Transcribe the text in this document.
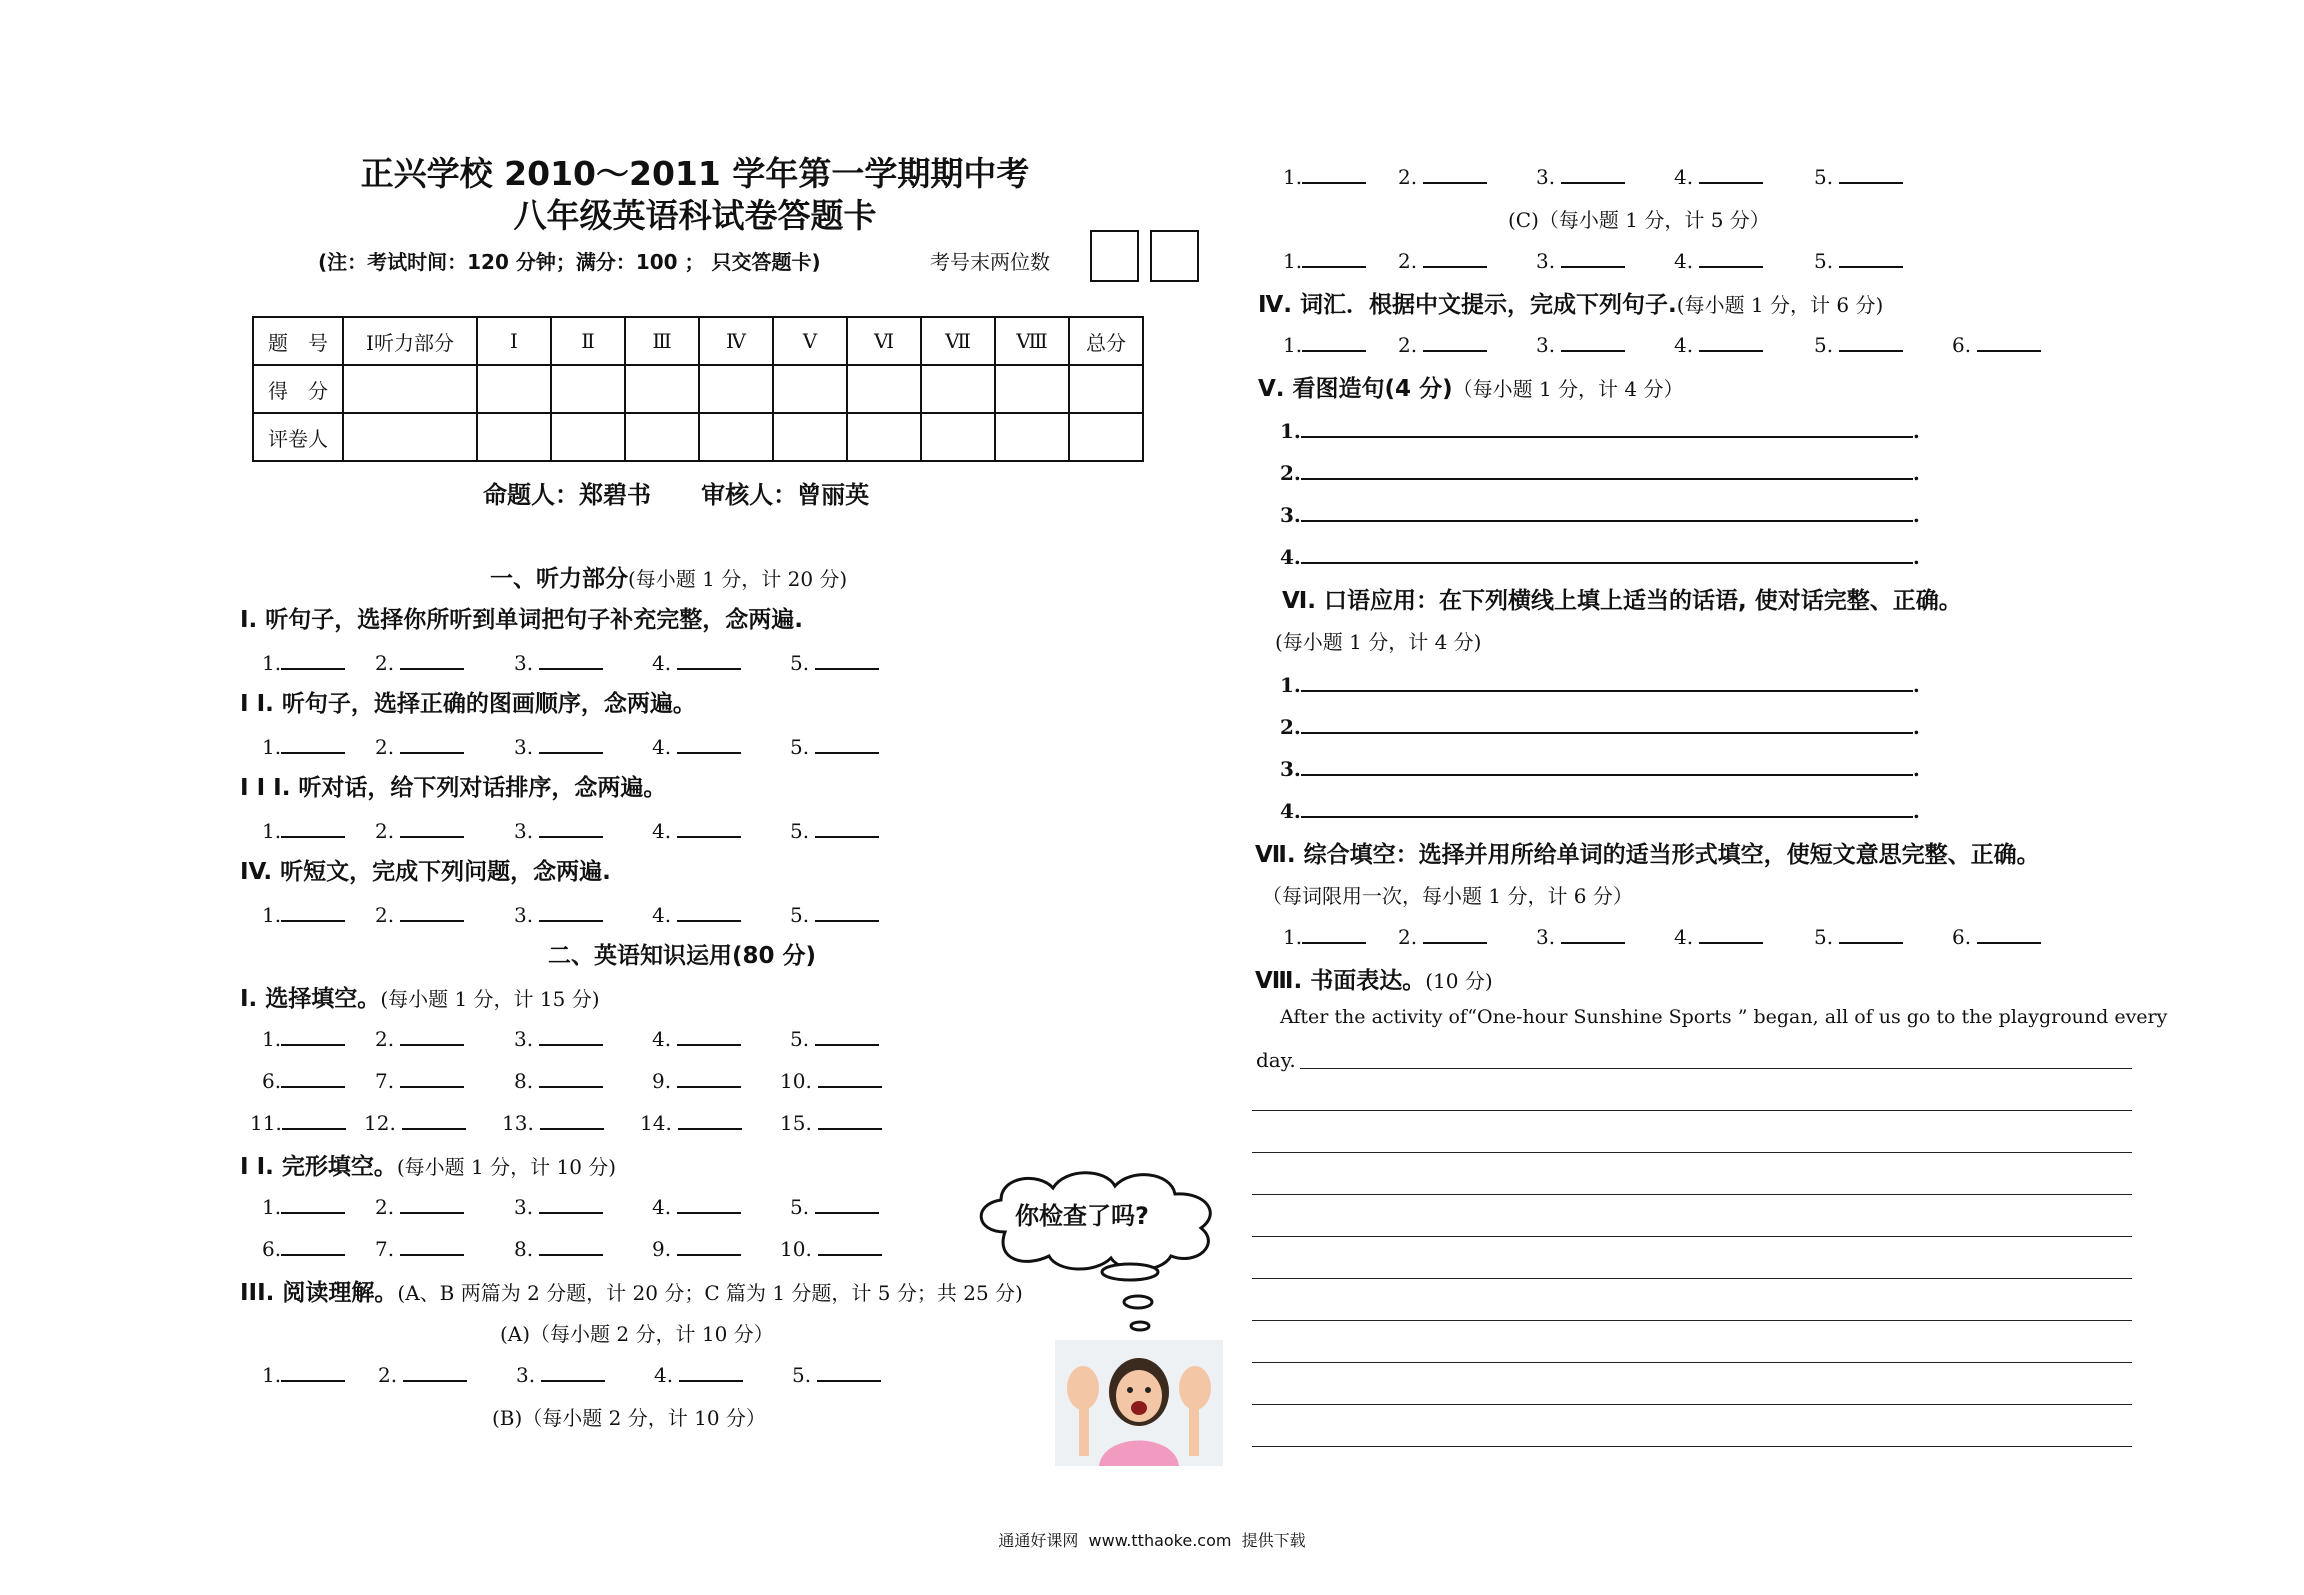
正兴学校 2010～2011 学年第一学期期中考
八年级英语科试卷答题卡
(注：考试时间：120 分钟；满分：100 ； 只交答题卡)	考号末两位数
题　号	Ⅰ听力部分	Ⅰ	Ⅱ	Ⅲ	Ⅳ	Ⅴ	Ⅵ	Ⅶ	Ⅷ	总分
得　分										
评卷人										
命题人：郑碧书      审核人：曾丽英
一、听力部分(每小题 1 分，计 20 分)
I. 听句子，选择你所听到单词把句子补充完整，念两遍.
1.	2.	3.	4.	5.
I I. 听句子，选择正确的图画顺序，念两遍。
1.	2.	3.	4.	5.
I I I. 听对话，给下列对话排序，念两遍。
1.	2.	3.	4.	5.
IV. 听短文，完成下列问题，念两遍.
1.	2.	3.	4.	5.
二、英语知识运用(80 分)
I. 选择填空。(每小题 1 分，计 15 分)
1.	2.	3.	4.	5.
6.	7.	8.	9.	10.
11.	12.	13.	14.	15.
I I. 完形填空。(每小题 1 分，计 10 分)
1.	2.	3.	4.	5.
6.	7.	8.	9.	10.
III. 阅读理解。(A、B 两篇为 2 分题，计 20 分；C 篇为 1 分题，计 5 分；共 25 分)
(A)（每小题 2 分，计 10 分）
1.	2.	3.	4.	5.
(B)（每小题 2 分，计 10 分）
你检查了吗?
1.	2.	3.	4.	5.
(C)（每小题 1 分，计 5 分）
1.	2.	3.	4.	5.
Ⅳ. 词汇．根据中文提示，完成下列句子.(每小题 1 分，计 6 分)
1.	2.	3.	4.	5.	6.
Ⅴ. 看图造句(4 分)（每小题 1 分，计 4 分）
1.	.
2.	.
3.	.
4.	.
Ⅵ. 口语应用：在下列横线上填上适当的话语, 使对话完整、正确。
(每小题 1 分，计 4 分)
1.	.
2.	.
3.	.
4.	.
Ⅶ. 综合填空：选择并用所给单词的适当形式填空，使短文意思完整、正确。
（每词限用一次，每小题 1 分，计 6 分）
1.	2.	3.	4.	5.	6.
Ⅷ. 书面表达。(10 分)
After the activity of“One-hour Sunshine Sports ” began, all of us go to the playground every
day.
通通好课网  www.tthaoke.com  提供下载
